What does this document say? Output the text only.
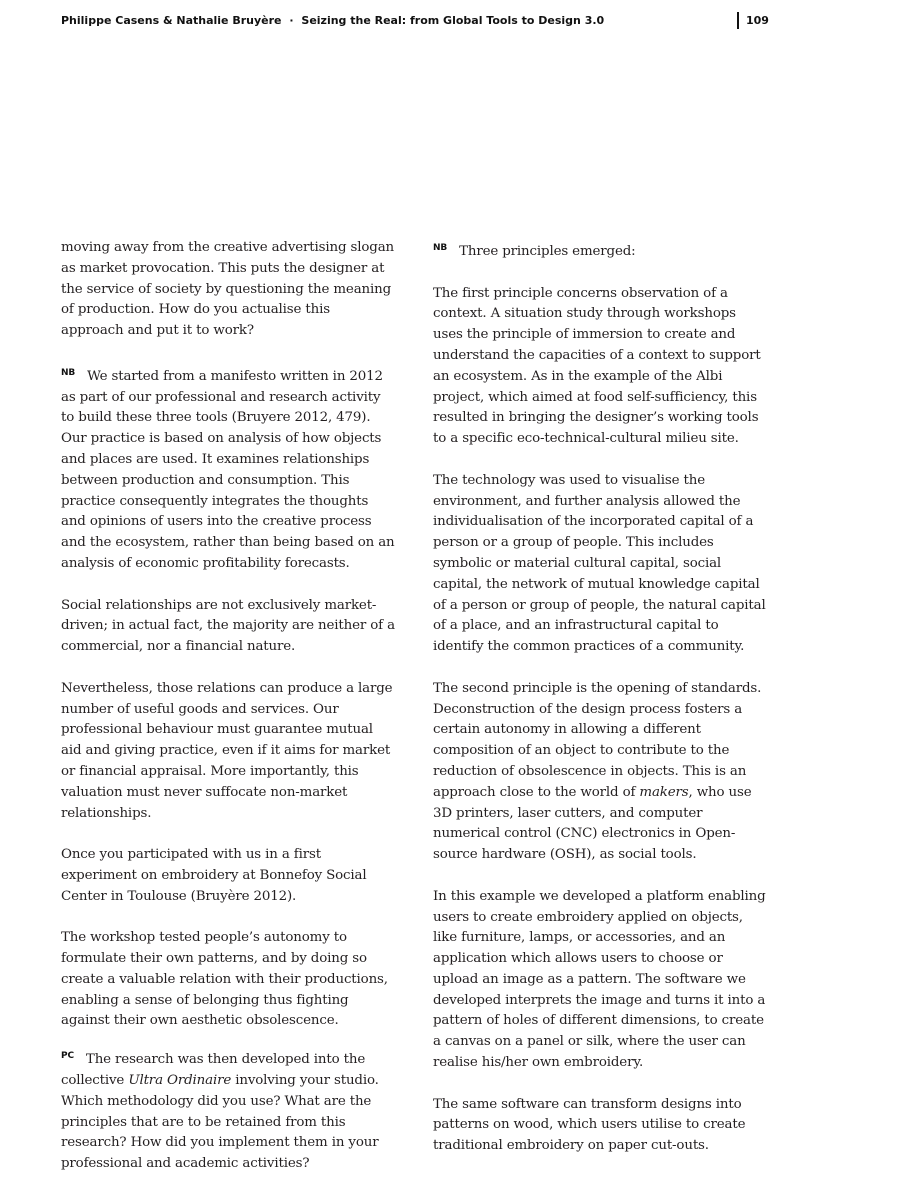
Philippe Casens & Nathalie Bruyère · Seizing the Real: from Global Tools to Design 3.0	109

moving away from the creative advertising slogan as market provocation. This puts the designer at the service of society by questioning the meaning of production. How do you actualise this approach and put it to work?

$^{NB}$ We started from a manifesto written in 2012 as part of our professional and research activity to build these three tools (Bruyere 2012, 479). Our practice is based on analysis of how objects and places are used. It examines relationships between production and consumption. This practice consequently integrates the thoughts and opinions of users into the creative process and the ecosystem, rather than being based on an analysis of economic profitability forecasts.

Social relationships are not exclusively market-driven; in actual fact, the majority are neither of a commercial, nor a financial nature.

Nevertheless, those relations can produce a large number of useful goods and services. Our professional behaviour must guarantee mutual aid and giving practice, even if it aims for market or financial appraisal. More importantly, this valuation must never suffocate non-market relationships.

Once you participated with us in a first experiment on embroidery at Bonnefoy Social Center in Toulouse (Bruyère 2012).

The workshop tested people’s autonomy to formulate their own patterns, and by doing so create a valuable relation with their productions, enabling a sense of belonging thus fighting against their own aesthetic obsolescence.

$^{PC}$ The research was then developed into the collective Ultra Ordinaire involving your studio. Which methodology did you use? What are the principles that are to be retained from this research? How did you implement them in your professional and academic activities?

$^{NB}$ Three principles emerged:

The first principle concerns observation of a context. A situation study through workshops uses the principle of immersion to create and understand the capacities of a context to support an ecosystem. As in the example of the Albi project, which aimed at food self-sufficiency, this resulted in bringing the designer’s working tools to a specific eco-technical-cultural milieu site.

The technology was used to visualise the environment, and further analysis allowed the individualisation of the incorporated capital of a person or a group of people. This includes symbolic or material cultural capital, social capital, the network of mutual knowledge capital of a person or group of people, the natural capital of a place, and an infrastructural capital to identify the common practices of a community.

The second principle is the opening of standards. Deconstruction of the design process fosters a certain autonomy in allowing a different composition of an object to contribute to the reduction of obsolescence in objects. This is an approach close to the world of makers, who use 3D printers, laser cutters, and computer numerical control (CNC) electronics in Open-source hardware (OSH), as social tools.

In this example we developed a platform enabling users to create embroidery applied on objects, like furniture, lamps, or accessories, and an application which allows users to choose or upload an image as a pattern. The software we developed interprets the image and turns it into a pattern of holes of different dimensions, to create a canvas on a panel or silk, where the user can realise his/her own embroidery.

The same software can transform designs into patterns on wood, which users utilise to create traditional embroidery on paper cut-outs.
